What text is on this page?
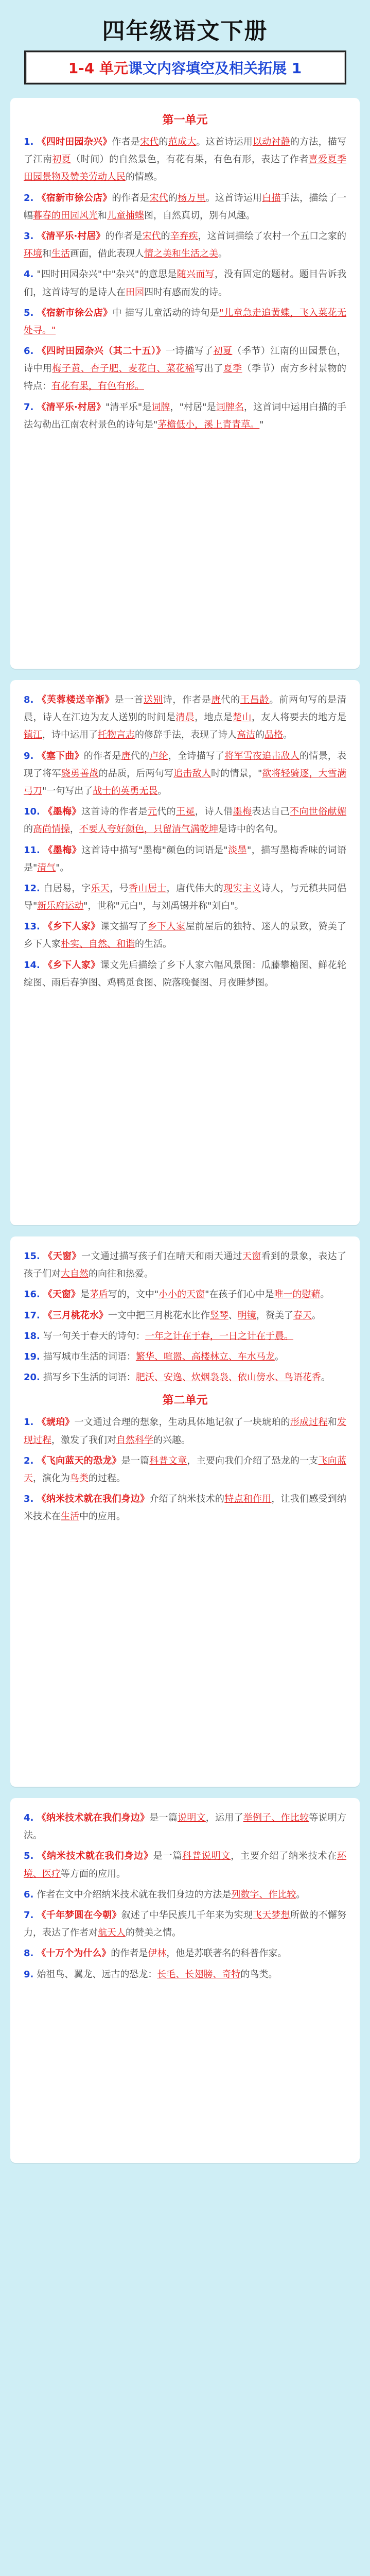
四年级语文下册
1-4 单元 课文内容填空及相关拓展 1
第一单元
1. 《四时田园杂兴》作者是宋代的范成大。这首诗运用以动衬静的方法，描写了江南初夏（时间）的自然景色，有花有果，有色有形，表达了作者喜爱夏季田园景物及赞美劳动人民的情感。
2. 《宿新市徐公店》的作者是宋代的杨万里。这首诗运用白描手法，描绘了一幅暮春的田园风光和儿童捕蝶图，自然真切，别有风趣。
3. 《清平乐·村居》的作者是宋代的辛弃疾，这首词描绘了农村一个五口之家的环境和生活画面，借此表现人情之美和生活之美。
4. "四时田园杂兴"中"杂兴"的意思是随兴而写，没有固定的题材。题目告诉我们，这首诗写的是诗人在田园四时有感而发的诗。
5. 《宿新市徐公店》中 描写儿童活动的诗句是"儿童急走追黄蝶，飞入菜花无处寻。"
6. 《四时田园杂兴（其二十五）》一诗描写了初夏（季节）江南的田园景色，诗中用梅子黄、杏子肥、麦花白、菜花稀写出了夏季（季节）南方乡村景物的特点：有花有果，有色有形。
7. 《清平乐·村居》"清平乐"是词牌，"村居"是词牌名，这首词中运用白描的手法勾勒出江南农村景色的诗句是"茅檐低小，溪上青青草。"
8. 《芙蓉楼送辛渐》是一首送别诗，作者是唐代的王昌龄。前两句写的是清晨，诗人在江边为友人送别的时间是清晨，地点是楚山，友人将要去的地方是镇江，诗中运用了托物言志的修辞手法，表现了诗人高洁的品格。
9. 《塞下曲》的作者是唐代的卢纶，全诗描写了将军雪夜追击敌人的情景，表现了将军骁勇善战的品质，后两句写追击敌人时的情景，"欲将轻骑逐，大雪满弓刀"一句写出了战士的英勇无畏。
10. 《墨梅》这首诗的作者是元代的王冕，诗人借墨梅表达自己不向世俗献媚的高尚情操，不要人夸好颜色，只留清气满乾坤是诗中的名句。
11. 《墨梅》这首诗中描写"墨梅"颜色的词语是"淡墨"，描写墨梅香味的词语是"清气"。
12. 白居易，字乐天，号香山居士，唐代伟大的现实主义诗人，与元稹共同倡导"新乐府运动"，世称"元白"，与刘禹锡并称"刘白"。
13. 《乡下人家》课文描写了乡下人家屋前屋后的独特、迷人的景致，赞美了乡下人家朴实、自然、和谐的生活。
14. 《乡下人家》课文先后描绘了乡下人家六幅风景图：瓜藤攀檐图、鲜花轮绽图、雨后春笋图、鸡鸭觅食图、院落晚餐图、月夜睡梦图。
15. 《天窗》一文通过描写孩子们在晴天和雨天通过天窗看到的景象，表达了孩子们对大自然的向往和热爱。
16. 《天窗》是茅盾写的，文中"小小的天窗"在孩子们心中是唯一的慰藉。
17. 《三月桃花水》一文中把三月桃花水比作竖琴、明镜，赞美了春天。
18. 写一句关于春天的诗句：一年之计在于春，一日之计在于晨。
19. 描写城市生活的词语：繁华、喧嚣、高楼林立、车水马龙。
20. 描写乡下生活的词语：肥沃、安逸、炊烟袅袅、依山傍水、鸟语花香。
第二单元
1. 《琥珀》一文通过合理的想象，生动具体地记叙了一块琥珀的形成过程和发现过程，激发了我们对自然科学的兴趣。
2. 《飞向蓝天的恐龙》是一篇科普文章，主要向我们介绍了恐龙的一支飞向蓝天，演化为鸟类的过程。
3. 《纳米技术就在我们身边》介绍了纳米技术的特点和作用，让我们感受到纳米技术在生活中的应用。
4. 《纳米技术就在我们身边》是一篇说明文，运用了举例子、作比较等说明方法。
5. 《纳米技术就在我们身边》是一篇科普说明文，主要介绍了纳米技术在环境、医疗等方面的应用。
6. 作者在文中介绍纳米技术就在我们身边的方法是列数字、作比较。
7. 《千年梦圆在今朝》叙述了中华民族几千年来为实现飞天梦想所做的不懈努力，表达了作者对航天人的赞美之情。
8. 《十万个为什么》的作者是伊林，他是苏联著名的科普作家。
9. 始祖鸟、翼龙、远古的恐龙：长毛、长翅膀、奇特的鸟类。
